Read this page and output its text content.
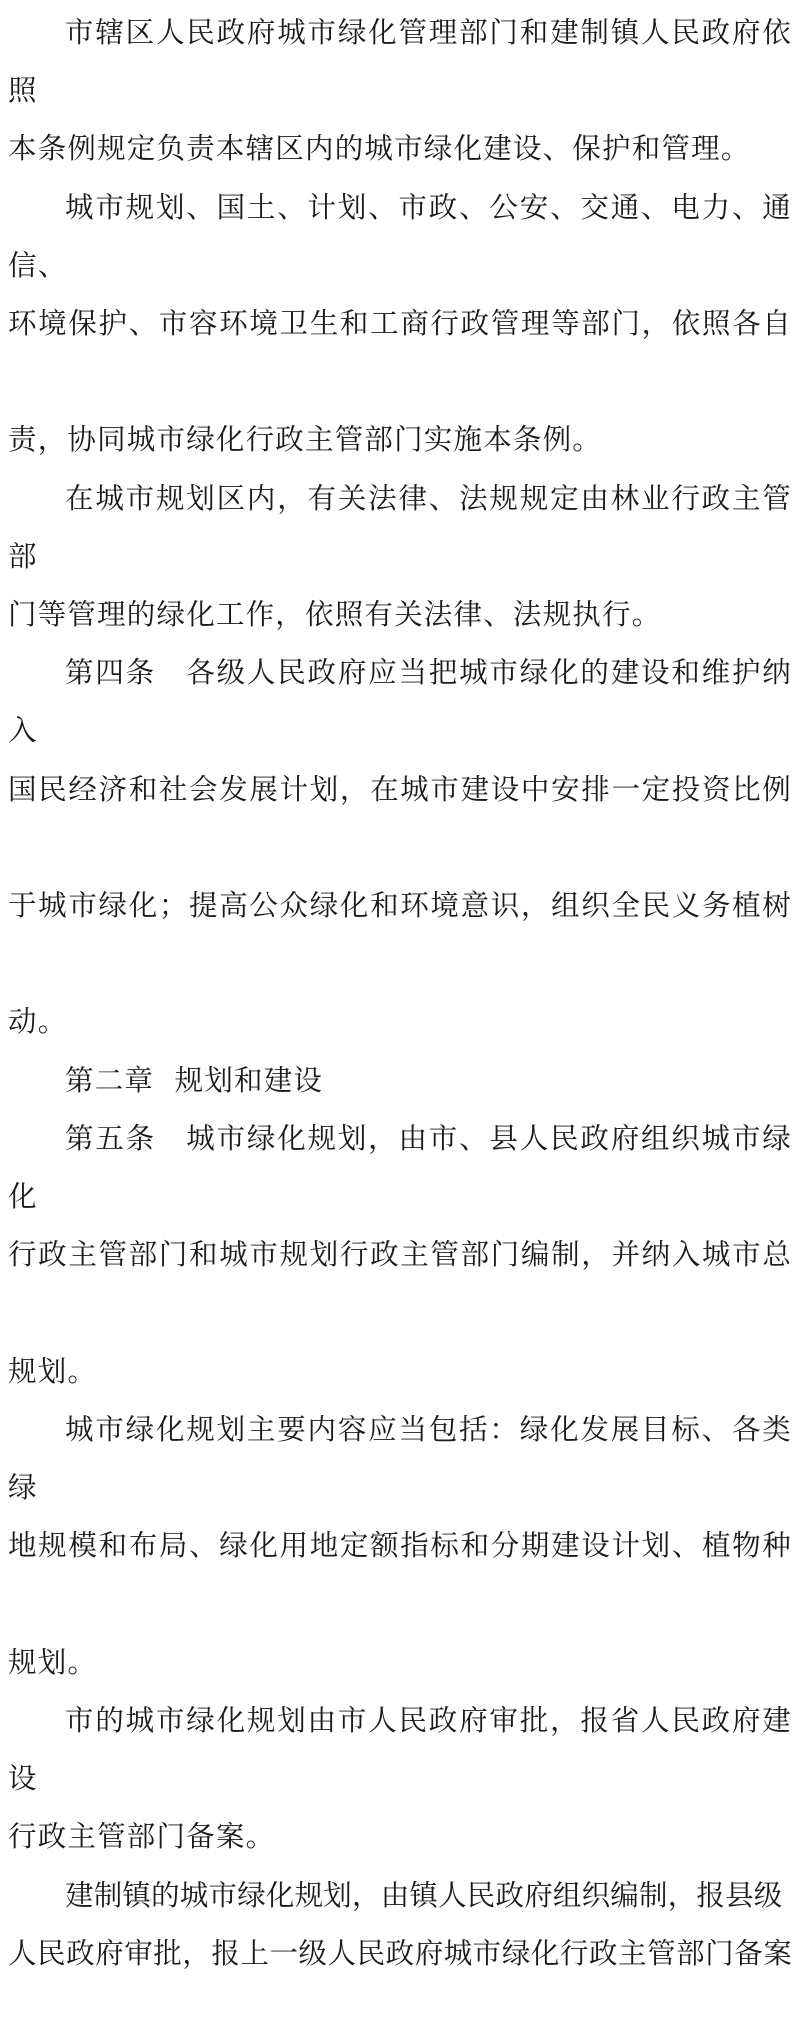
市辖区人民政府城市绿化管理部门和建制镇人民政府依照
本条例规定负责本辖区内的城市绿化建设、保护和管理。

城市规划、国土、计划、市政、公安、交通、电力、通信、
环境保护、市容环境卫生和工商行政管理等部门，依照各自
责，协同城市绿化行政主管部门实施本条例。

在城市规划区内，有关法律、法规规定由林业行政主管部
门等管理的绿化工作，依照有关法律、法规执行。

第四条　各级人民政府应当把城市绿化的建设和维护纳入
国民经济和社会发展计划，在城市建设中安排一定投资比例
于城市绿化；提高公众绿化和环境意识，组织全民义务植树
动。

第二章  规划和建设

第五条　城市绿化规划，由市、县人民政府组织城市绿化
行政主管部门和城市规划行政主管部门编制，并纳入城市总
规划。

城市绿化规划主要内容应当包括：绿化发展目标、各类绿
地规模和布局、绿化用地定额指标和分期建设计划、植物种
规划。

市的城市绿化规划由市人民政府审批，报省人民政府建设
行政主管部门备案。

建制镇的城市绿化规划，由镇人民政府组织编制，报县级
人民政府审批，报上一级人民政府城市绿化行政主管部门备案
